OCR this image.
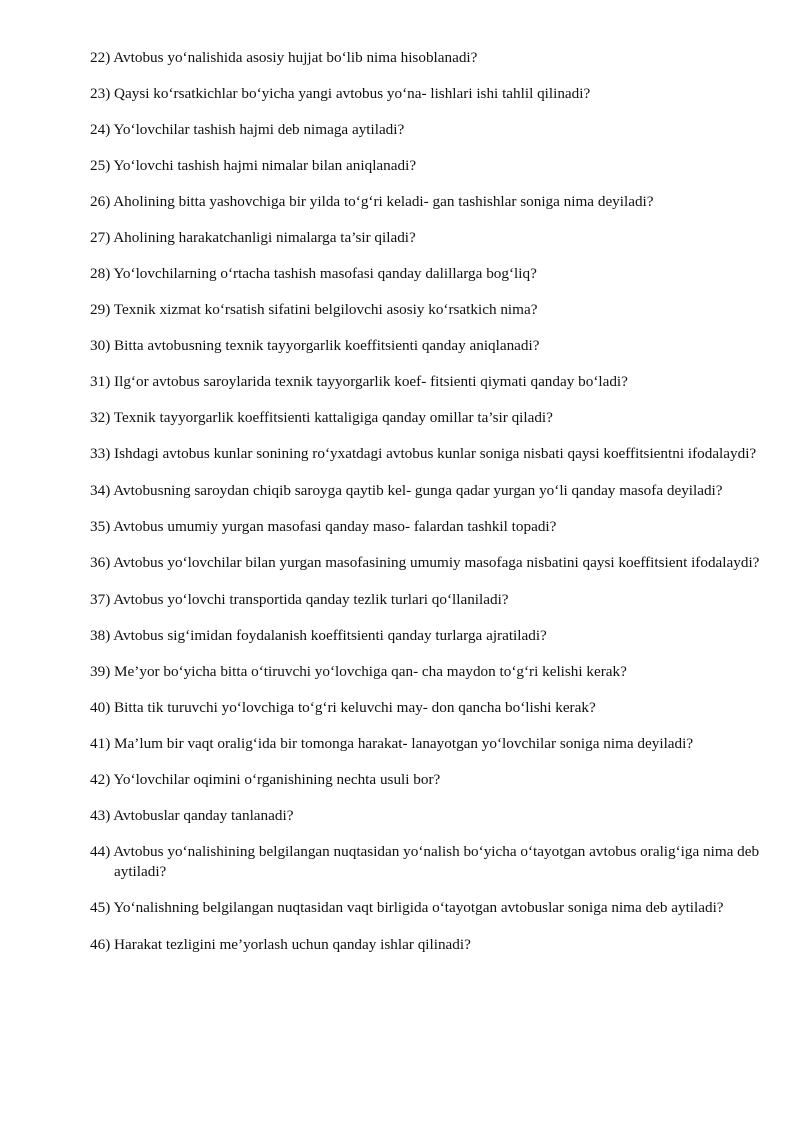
22) Avtobus yo‘nalishida asosiy hujjat bo‘lib nima hisoblanadi?
23) Qaysi ko‘rsatkichlar bo‘yicha yangi avtobus yo‘na- lishlari ishi tahlil qilinadi?
24) Yo‘lovchilar tashish hajmi deb nimaga aytiladi?
25) Yo‘lovchi tashish hajmi nimalar bilan aniqlanadi?
26) Aholining bitta yashovchiga bir yilda to‘g‘ri keladi- gan tashishlar soniga nima deyiladi?
27) Aholining harakatchanligi nimalarga ta’sir qiladi?
28) Yo‘lovchilarning o‘rtacha tashish masofasi qanday dalillarga bog‘liq?
29) Texnik xizmat ko‘rsatish sifatini belgilovchi asosiy ko‘rsatkich nima?
30) Bitta avtobusning texnik tayyorgarlik koeffitsienti qanday aniqlanadi?
31) Ilg‘or avtobus saroylarida texnik tayyorgarlik koef- fitsienti qiymati qanday bo‘ladi?
32) Texnik tayyorgarlik koeffitsienti kattaligiga qanday omillar ta’sir qiladi?
33) Ishdagi avtobus kunlar sonining ro‘yxatdagi avtobus kunlar soniga nisbati qaysi koeffitsientni ifodalaydi?
34) Avtobusning saroydan chiqib saroyga qaytib kel- gunga qadar yurgan yo‘li qanday masofa deyiladi?
35) Avtobus umumiy yurgan masofasi qanday maso- falardan tashkil topadi?
36) Avtobus yo‘lovchilar bilan yurgan masofasining umumiy masofaga nisbatini qaysi koeffitsient ifodalaydi?
37) Avtobus yo‘lovchi transportida qanday tezlik turlari qo‘llaniladi?
38) Avtobus sig‘imidan foydalanish koeffitsienti qanday turlarga ajratiladi?
39) Me’yor bo‘yicha bitta o‘tiruvchi yo‘lovchiga qan- cha maydon to‘g‘ri kelishi kerak?
40) Bitta tik turuvchi yo‘lovchiga to‘g‘ri keluvchi may- don qancha bo‘lishi kerak?
41) Ma’lum bir vaqt oralig‘ida bir tomonga harakat- lanayotgan yo‘lovchilar soniga nima deyiladi?
42) Yo‘lovchilar oqimini o‘rganishining nechta usuli bor?
43) Avtobuslar qanday tanlanadi?
44) Avtobus yo‘nalishining belgilangan nuqtasidan yo‘nalish bo‘yicha o‘tayotgan avtobus oralig‘iga nima deb aytiladi?
45) Yo‘nalishning belgilangan nuqtasidan vaqt birligida o‘tayotgan avtobuslar soniga nima deb aytiladi?
46) Harakat tezligini me’yorlash uchun qanday ishlar qilinadi?
